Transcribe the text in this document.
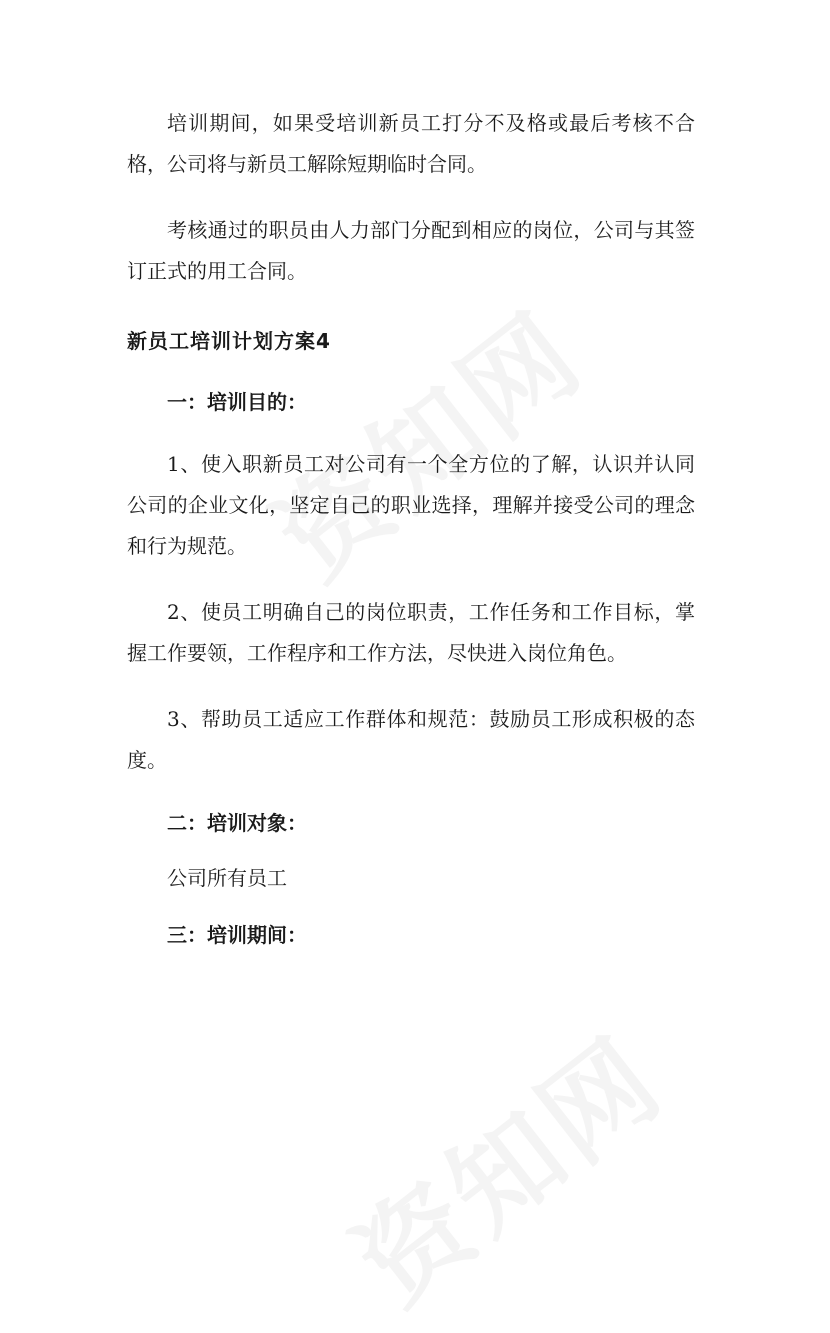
培训期间，如果受培训新员工打分不及格或最后考核不合格，公司将与新员工解除短期临时合同。

考核通过的职员由人力部门分配到相应的岗位，公司与其签订正式的用工合同。

新员工培训计划方案4

一：培训目的：

1、使入职新员工对公司有一个全方位的了解，认识并认同公司的企业文化，坚定自己的职业选择，理解并接受公司的理念和行为规范。

2、使员工明确自己的岗位职责，工作任务和工作目标，掌握工作要领，工作程序和工作方法，尽快进入岗位角色。

3、帮助员工适应工作群体和规范：鼓励员工形成积极的态度。

二：培训对象：

公司所有员工

三：培训期间：
